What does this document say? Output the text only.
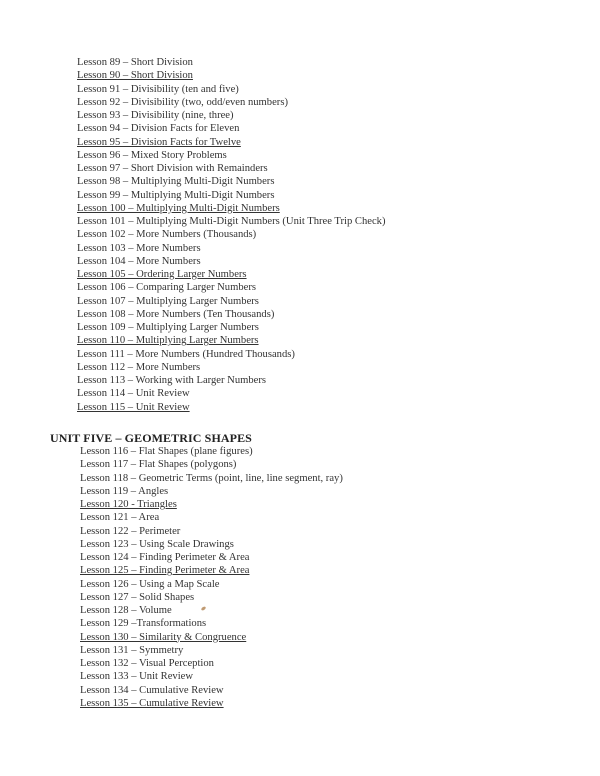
Lesson 89 – Short Division
Lesson 90 – Short Division
Lesson 91 – Divisibility (ten and five)
Lesson 92 – Divisibility (two, odd/even numbers)
Lesson 93 – Divisibility (nine, three)
Lesson 94 – Division Facts for Eleven
Lesson 95 – Division Facts for Twelve
Lesson 96 – Mixed Story Problems
Lesson 97 – Short Division with Remainders
Lesson 98 – Multiplying Multi-Digit Numbers
Lesson 99 – Multiplying Multi-Digit Numbers
Lesson 100 – Multiplying Multi-Digit Numbers
Lesson 101 – Multiplying Multi-Digit Numbers (Unit Three Trip Check)
Lesson 102 – More Numbers (Thousands)
Lesson 103 – More Numbers
Lesson 104 – More Numbers
Lesson 105 – Ordering Larger Numbers
Lesson 106 – Comparing Larger Numbers
Lesson 107 – Multiplying Larger Numbers
Lesson 108 – More Numbers (Ten Thousands)
Lesson 109 – Multiplying Larger Numbers
Lesson 110 – Multiplying Larger Numbers
Lesson 111 – More Numbers (Hundred Thousands)
Lesson 112 – More Numbers
Lesson 113 – Working with Larger Numbers
Lesson 114 – Unit Review
Lesson 115 – Unit Review
UNIT FIVE – GEOMETRIC SHAPES
Lesson 116 – Flat Shapes (plane figures)
Lesson 117 – Flat Shapes (polygons)
Lesson 118 – Geometric Terms (point, line, line segment, ray)
Lesson 119 – Angles
Lesson 120 - Triangles
Lesson 121 – Area
Lesson 122 – Perimeter
Lesson 123 – Using Scale Drawings
Lesson 124 – Finding Perimeter & Area
Lesson 125 – Finding Perimeter & Area
Lesson 126 – Using a Map Scale
Lesson 127 – Solid Shapes
Lesson 128 – Volume
Lesson 129 –Transformations
Lesson 130 – Similarity & Congruence
Lesson 131 – Symmetry
Lesson 132 – Visual Perception
Lesson 133 – Unit Review
Lesson 134 – Cumulative Review
Lesson 135 – Cumulative Review
